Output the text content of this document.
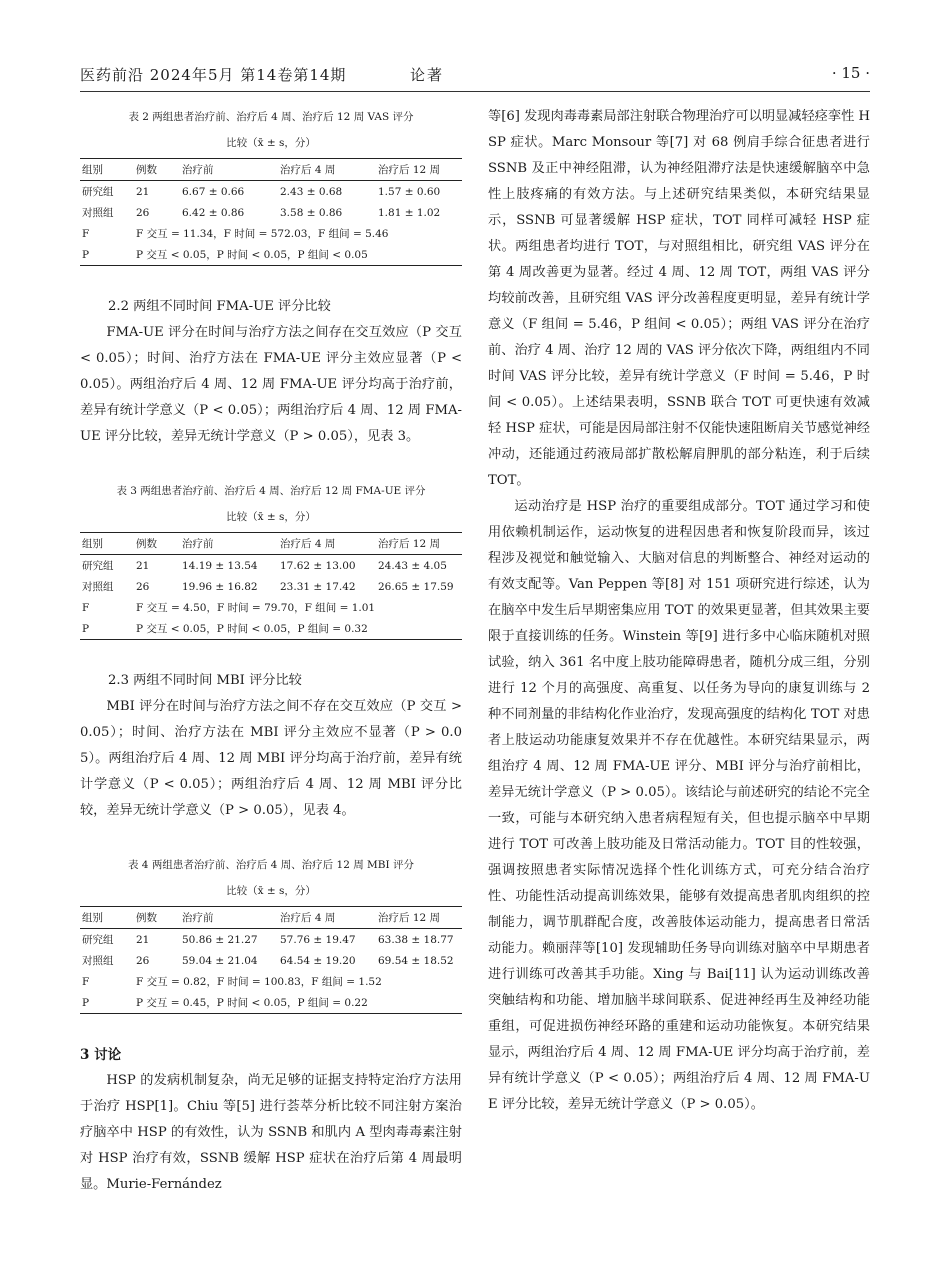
医药前沿 2024年5月 第14卷第14期	论著	· 15 ·
表 2 两组患者治疗前、治疗后 4 周、治疗后 12 周 VAS 评分
比较（x̄ ± s，分）
组别	例数	治疗前	治疗后 4 周	治疗后 12 周
研究组	21	6.67 ± 0.66	2.43 ± 0.68	1.57 ± 0.60
对照组	26	6.42 ± 0.86	3.58 ± 0.86	1.81 ± 1.02
F	F 交互 = 11.34，F 时间 = 572.03，F 组间 = 5.46			
P	P 交互 < 0.05，P 时间 < 0.05，P 组间 < 0.05			
2.2 两组不同时间 FMA-UE 评分比较

FMA-UE 评分在时间与治疗方法之间存在交互效应（P 交互 < 0.05）；时间、治疗方法在 FMA-UE 评分主效应显著（P < 0.05）。两组治疗后 4 周、12 周 FMA-UE 评分均高于治疗前，差异有统计学意义（P < 0.05）；两组治疗后 4 周、12 周 FMA-UE 评分比较，差异无统计学意义（P > 0.05），见表 3。

表 3 两组患者治疗前、治疗后 4 周、治疗后 12 周 FMA-UE 评分
比较（x̄ ± s，分）
组别	例数	治疗前	治疗后 4 周	治疗后 12 周
研究组	21	14.19 ± 13.54	17.62 ± 13.00	24.43 ± 4.05
对照组	26	19.96 ± 16.82	23.31 ± 17.42	26.65 ± 17.59
F	F 交互 = 4.50，F 时间 = 79.70，F 组间 = 1.01			
P	P 交互 < 0.05，P 时间 < 0.05，P 组间 = 0.32			
2.3 两组不同时间 MBI 评分比较

MBI 评分在时间与治疗方法之间不存在交互效应（P 交互 > 0.05）；时间、治疗方法在 MBI 评分主效应不显著（P > 0.05）。两组治疗后 4 周、12 周 MBI 评分均高于治疗前，差异有统计学意义（P < 0.05）；两组治疗后 4 周、12 周 MBI 评分比较，差异无统计学意义（P > 0.05），见表 4。

表 4 两组患者治疗前、治疗后 4 周、治疗后 12 周 MBI 评分
比较（x̄ ± s，分）
组别	例数	治疗前	治疗后 4 周	治疗后 12 周
研究组	21	50.86 ± 21.27	57.76 ± 19.47	63.38 ± 18.77
对照组	26	59.04 ± 21.04	64.54 ± 19.20	69.54 ± 18.52
F	F 交互 = 0.82，F 时间 = 100.83，F 组间 = 1.52			
P	P 交互 = 0.45，P 时间 < 0.05，P 组间 = 0.22			
3 讨论

HSP 的发病机制复杂，尚无足够的证据支持特定治疗方法用于治疗 HSP[1]。Chiu 等[5] 进行荟萃分析比较不同注射方案治疗脑卒中 HSP 的有效性，认为 SSNB 和肌内 A 型肉毒毒素注射对 HSP 治疗有效，SSNB 缓解 HSP 症状在治疗后第 4 周最明显。Murie-Fernández

等[6] 发现肉毒毒素局部注射联合物理治疗可以明显减轻痉挛性 HSP 症状。Marc Monsour 等[7] 对 68 例肩手综合征患者进行 SSNB 及正中神经阻滞，认为神经阻滞疗法是快速缓解脑卒中急性上肢疼痛的有效方法。与上述研究结果类似，本研究结果显示，SSNB 可显著缓解 HSP 症状，TOT 同样可减轻 HSP 症状。两组患者均进行 TOT，与对照组相比，研究组 VAS 评分在第 4 周改善更为显著。经过 4 周、12 周 TOT，两组 VAS 评分均较前改善，且研究组 VAS 评分改善程度更明显，差异有统计学意义（F 组间 = 5.46，P 组间 < 0.05）；两组 VAS 评分在治疗前、治疗 4 周、治疗 12 周的 VAS 评分依次下降，两组组内不同时间 VAS 评分比较，差异有统计学意义（F 时间 = 5.46，P 时间 < 0.05）。上述结果表明，SSNB 联合 TOT 可更快速有效减轻 HSP 症状，可能是因局部注射不仅能快速阻断肩关节感觉神经冲动，还能通过药液局部扩散松解肩胛肌的部分粘连，利于后续 TOT。

运动治疗是 HSP 治疗的重要组成部分。TOT 通过学习和使用依赖机制运作，运动恢复的进程因患者和恢复阶段而异，该过程涉及视觉和触觉输入、大脑对信息的判断整合、神经对运动的有效支配等。Van Peppen 等[8] 对 151 项研究进行综述，认为在脑卒中发生后早期密集应用 TOT 的效果更显著，但其效果主要限于直接训练的任务。Winstein 等[9] 进行多中心临床随机对照试验，纳入 361 名中度上肢功能障碍患者，随机分成三组，分别进行 12 个月的高强度、高重复、以任务为导向的康复训练与 2 种不同剂量的非结构化作业治疗，发现高强度的结构化 TOT 对患者上肢运动功能康复效果并不存在优越性。本研究结果显示，两组治疗 4 周、12 周 FMA-UE 评分、MBI 评分与治疗前相比，差异无统计学意义（P > 0.05）。该结论与前述研究的结论不完全一致，可能与本研究纳入患者病程短有关，但也提示脑卒中早期进行 TOT 可改善上肢功能及日常活动能力。TOT 目的性较强，强调按照患者实际情况选择个性化训练方式，可充分结合治疗性、功能性活动提高训练效果，能够有效提高患者肌肉组织的控制能力，调节肌群配合度，改善肢体运动能力，提高患者日常活动能力。赖丽萍等[10] 发现辅助任务导向训练对脑卒中早期患者进行训练可改善其手功能。Xing 与 Bai[11] 认为运动训练改善突触结构和功能、增加脑半球间联系、促进神经再生及神经功能重组，可促进损伤神经环路的重建和运动功能恢复。本研究结果显示，两组治疗后 4 周、12 周 FMA-UE 评分均高于治疗前，差异有统计学意义（P < 0.05）；两组治疗后 4 周、12 周 FMA-UE 评分比较，差异无统计学意义（P > 0.05）。
